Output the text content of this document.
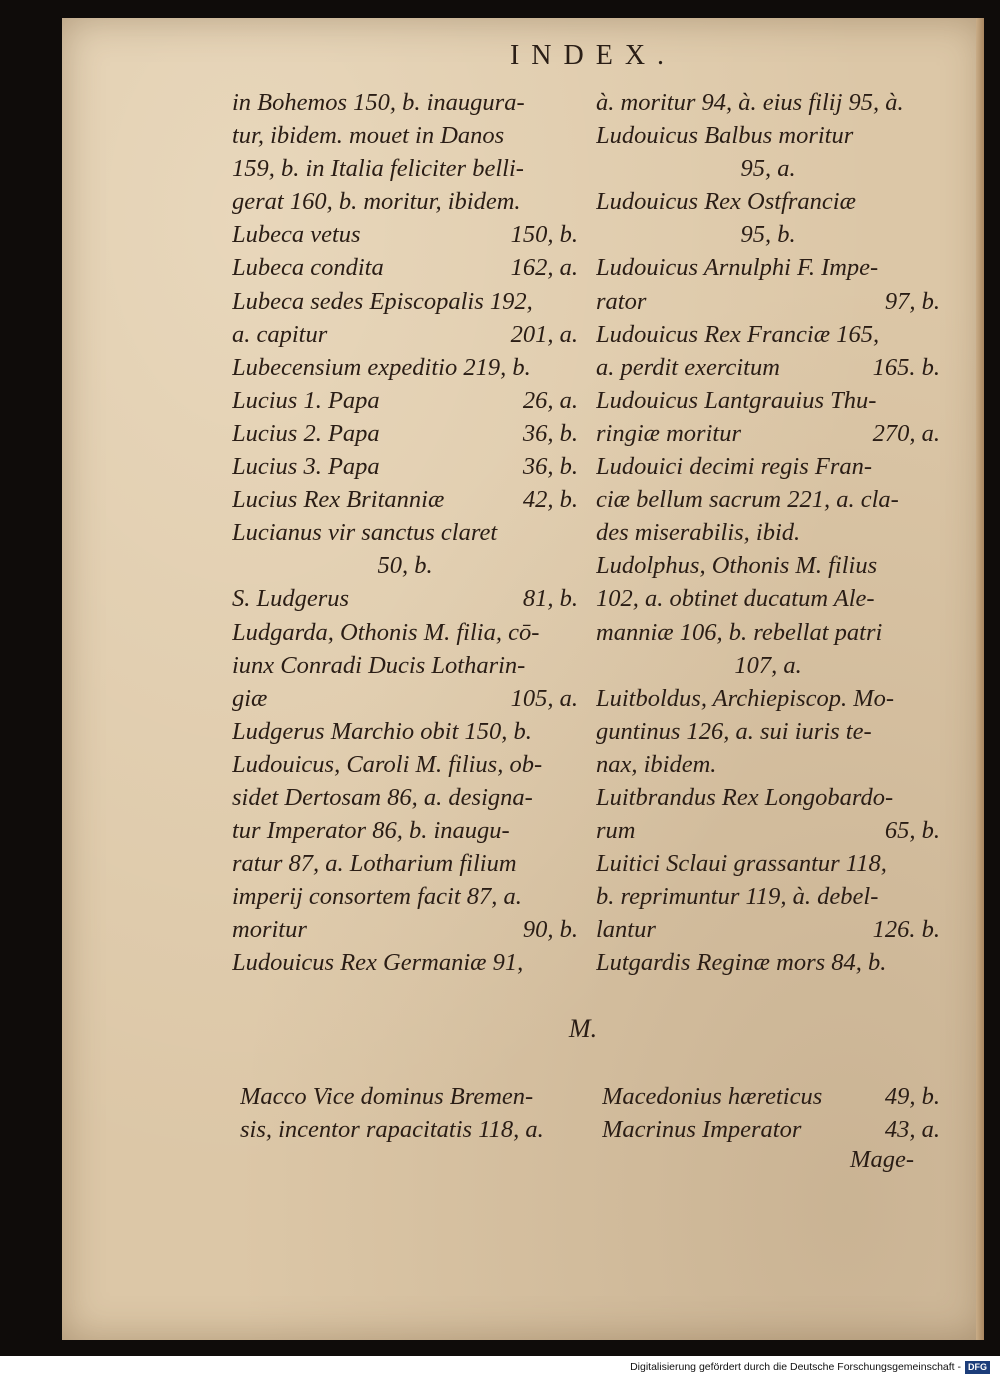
INDEX.
in Bohemos 150, b. inaugura-
tur, ibidem. mouet in Danos
159, b. in Italia feliciter belli-
gerat 160, b. moritur, ibidem.
Lubeca vetus	150, b.
Lubeca condita	162, a.
Lubeca sedes Episcopalis 192,
a. capitur	201, a.
Lubecensium expeditio 219, b.
Lucius 1. Papa	26, a.
Lucius 2. Papa	36, b.
Lucius 3. Papa	36, b.
Lucius Rex Britanniæ	42, b.
Lucianus vir sanctus claret
50, b.
S. Ludgerus	81, b.
Ludgarda, Othonis M. filia, cō-
iunx Conradi Ducis Lotharin-
giæ	105, a.
Ludgerus Marchio obit 150, b.
Ludouicus, Caroli M. filius, ob-
sidet Dertosam 86, a. designa-
tur Imperator 86, b. inaugu-
ratur 87, a. Lotharium filium
imperij consortem facit 87, a.
moritur	90, b.
Ludouicus Rex Germaniæ 91,
à. moritur 94, à. eius filij 95, à.
Ludouicus Balbus moritur
95, a.
Ludouicus Rex Ostfranciæ
95, b.
Ludouicus Arnulphi F. Impe-
rator	97, b.
Ludouicus Rex Franciæ 165,
a. perdit exercitum	165. b.
Ludouicus Lantgrauius Thu-
ringiæ moritur	270, a.
Ludouici decimi regis Fran-
ciæ bellum sacrum 221, a. cla-
des miserabilis, ibid.
Ludolphus, Othonis M. filius
102, a. obtinet ducatum Ale-
manniæ 106, b. rebellat patri
107, a.
Luitboldus, Archiepiscop. Mo-
guntinus 126, a. sui iuris te-
nax, ibidem.
Luitbrandus Rex Longobardo-
rum	65, b.
Luitici Sclaui grassantur 118,
b. reprimuntur 119, à. debel-
lantur	126. b.
Lutgardis Reginæ mors 84, b.
M.
Macco Vice dominus Bremen-
sis, incentor rapacitatis 118, a.
Macedonius hæreticus	49, b.
Macrinus Imperator	43, a.
Mage-
Digitalisierung gefördert durch die Deutsche Forschungsgemeinschaft - DFG
